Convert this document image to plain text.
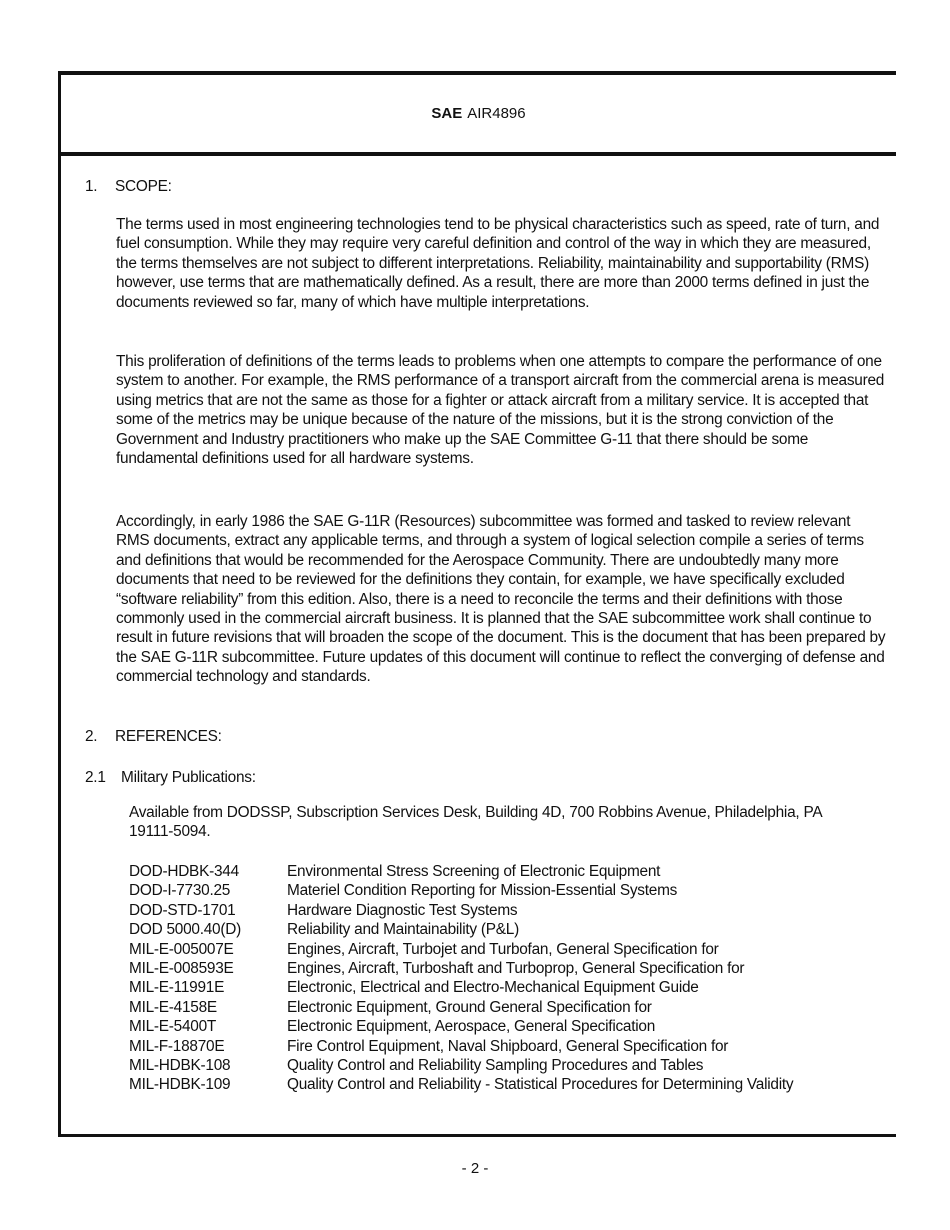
SAE AIR4896
1. SCOPE:

The terms used in most engineering technologies tend to be physical characteristics such as speed, rate of turn, and fuel consumption. While they may require very careful definition and control of the way in which they are measured, the terms themselves are not subject to different interpretations. Reliability, maintainability and supportability (RMS) however, use terms that are mathematically defined. As a result, there are more than 2000 terms defined in just the documents reviewed so far, many of which have multiple interpretations.

This proliferation of definitions of the terms leads to problems when one attempts to compare the performance of one system to another. For example, the RMS performance of a transport aircraft from the commercial arena is measured using metrics that are not the same as those for a fighter or attack aircraft from a military service. It is accepted that some of the metrics may be unique because of the nature of the missions, but it is the strong conviction of the Government and Industry practitioners who make up the SAE Committee G-11 that there should be some fundamental definitions used for all hardware systems.

Accordingly, in early 1986 the SAE G-11R (Resources) subcommittee was formed and tasked to review relevant RMS documents, extract any applicable terms, and through a system of logical selection compile a series of terms and definitions that would be recommended for the Aerospace Community. There are undoubtedly many more documents that need to be reviewed for the definitions they contain, for example, we have specifically excluded “software reliability” from this edition. Also, there is a need to reconcile the terms and their definitions with those commonly used in the commercial aircraft business. It is planned that the SAE subcommittee work shall continue to result in future revisions that will broaden the scope of the document. This is the document that has been prepared by the SAE G-11R subcommittee. Future updates of this document will continue to reflect the converging of defense and commercial technology and standards.

2. REFERENCES:
2.1 Military Publications:

Available from DODSSP, Subscription Services Desk, Building 4D, 700 Robbins Avenue, Philadelphia, PA 19111-5094.

DOD-HDBK-344	Environmental Stress Screening of Electronic Equipment
DOD-I-7730.25	Materiel Condition Reporting for Mission-Essential Systems
DOD-STD-1701	Hardware Diagnostic Test Systems
DOD 5000.40(D)	Reliability and Maintainability (P&L)
MIL-E-005007E	Engines, Aircraft, Turbojet and Turbofan, General Specification for
MIL-E-008593E	Engines, Aircraft, Turboshaft and Turboprop, General Specification for
MIL-E-11991E	Electronic, Electrical and Electro-Mechanical Equipment Guide
MIL-E-4158E	Electronic Equipment, Ground General Specification for
MIL-E-5400T	Electronic Equipment, Aerospace, General Specification
MIL-F-18870E	Fire Control Equipment, Naval Shipboard, General Specification for
MIL-HDBK-108	Quality Control and Reliability Sampling Procedures and Tables
MIL-HDBK-109	Quality Control and Reliability - Statistical Procedures for Determining Validity
- 2 -
